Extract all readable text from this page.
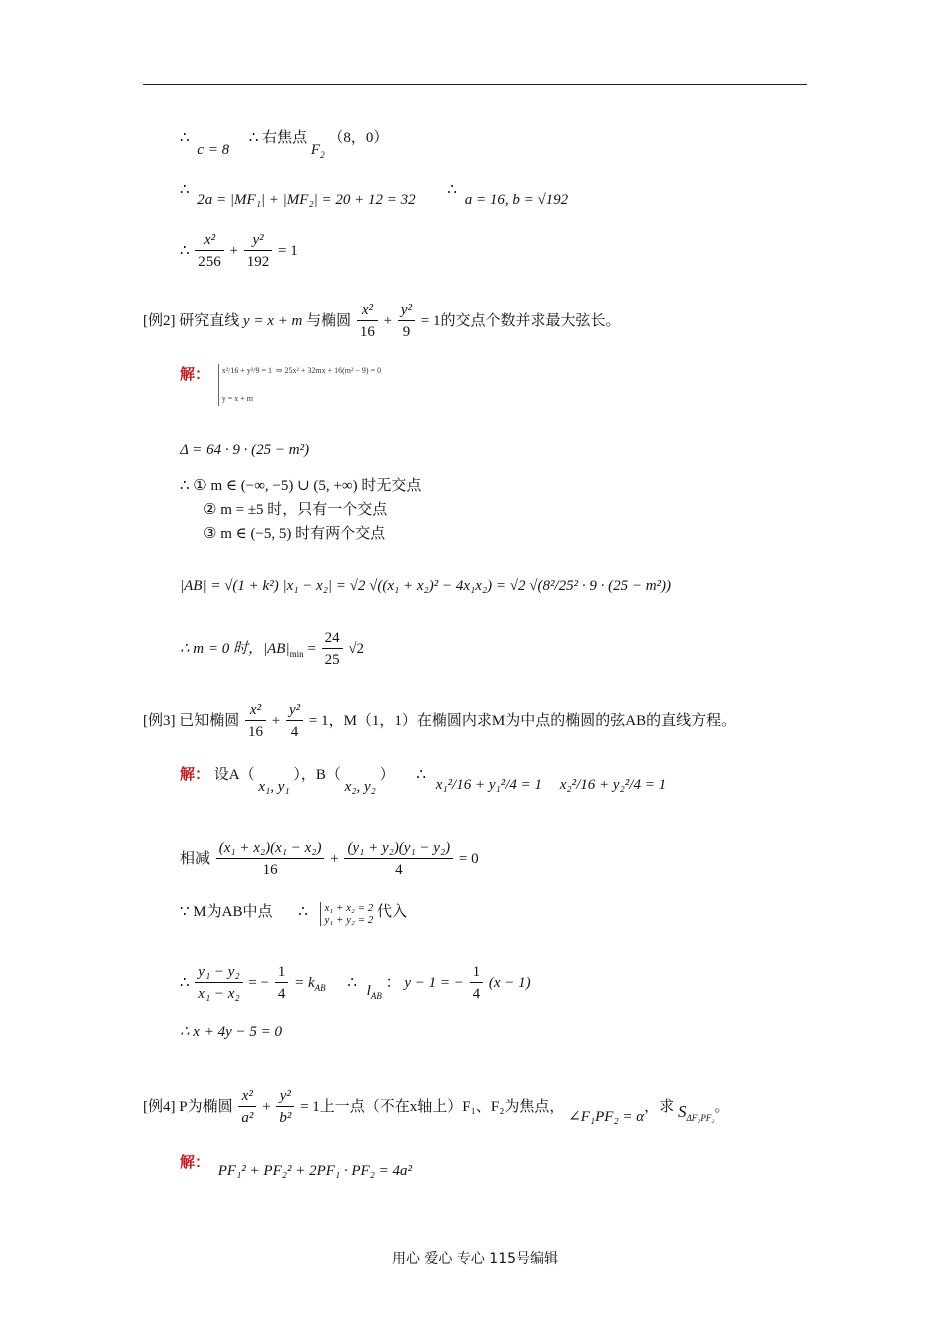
∴ c = 8 ∴ 右焦点 $F_2$ （8，0）
∴ 2a = |MF₁| + |MF₂| = 20 + 12 = 32 ∴ a = 16, b = √192
∴ $\frac{\text{x²}}{256} + \frac{\text{y²}}{192} = 1$
[例2] 研究直线 y = x + m 与椭圆 $\frac{\text{x²}}{16} + \frac{\text{y²}}{9} = 1$的交点个数并求最大弦长。
解： x²/16 + y²/9 = 1
y = x + m
$^{\Rightarrow 25x^2 + 32mx + 16(m^2 - 9) = 0}$
Δ = 64 · 9 · (25 − m²)
∴ ① m ∈ (−∞, −5) ∪ (5, +∞) 时无交点
② m = ±5 时，只有一个交点
③ m ∈ (−5, 5) 时有两个交点
|AB| = √(1 + k²) |x₁ − x₂| = √2 √((x₁ + x₂)² − 4x₁x₂) = √2 √(8²/25² · 9 · (25 − m²))
∴ m = 0 时，$|AB|_{min} = \frac{24}{25} √2$
[例3] 已知椭圆 $\frac{\text{x²}}{16} + \frac{\text{y²}}{4} = 1$，M（1，1）在椭圆内求M为中点的椭圆的弦AB的直线方程。
解： 设A（ x₁, y₁ ），B（ x₂, y₂ ） ∴ x₁²/16 + y₁²/4 = 1 x₂²/16 + y₂²/4 = 1
相减 $\frac{\text{(x₁ + x₂)(x₁ − x₂)}}{16} + \frac{\text{(y₁ + y₂)(y₁ − y₂)}}{4} = 0$
∵ M为AB中点 ∴ x₁ + x₂ = 2
y₁ + y₂ = 2 代入
∴ $\frac{\text{y₁ − y₂}}{\text{x₁ − x₂}}$ = − $\frac{1}{4} = k_{AB}$ ∴ $l_{AB}$ ： y − 1 = − $\frac{1}{4} (x - 1)$
∴ x + 4y − 5 = 0
[例4] P为椭圆 $\frac{\text{x²}}{\text{a²}} + \frac{\text{y²}}{\text{b²}} = 1$上一点（不在x轴上）F₁、F₂为焦点， ∠F₁PF₂ = α，求 $S_{\Delta F_1PF_2}$。
解： PF₁² + PF₂² + 2PF₁ · PF₂ = 4a²
用心 爱心 专心 115号编辑
